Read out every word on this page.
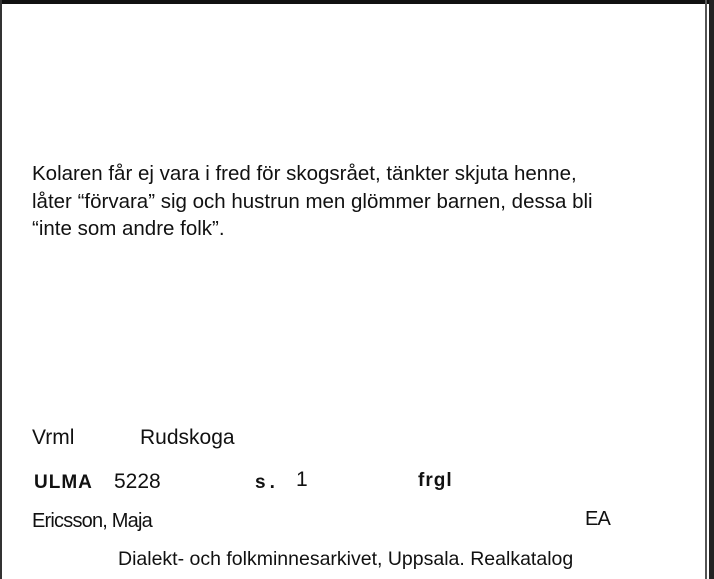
Kolaren får ej vara i fred för skogsrået, tänkter skjuta henne,
låter “förvara” sig och hustrun men glömmer barnen, dessa bli
“inte som andre folk”.
Vrml	Rudskoga
ULMA 5228	s. 1	frgl
Ericsson, Maja	EA
Dialekt- och folkminnesarkivet, Uppsala. Realkatalog
